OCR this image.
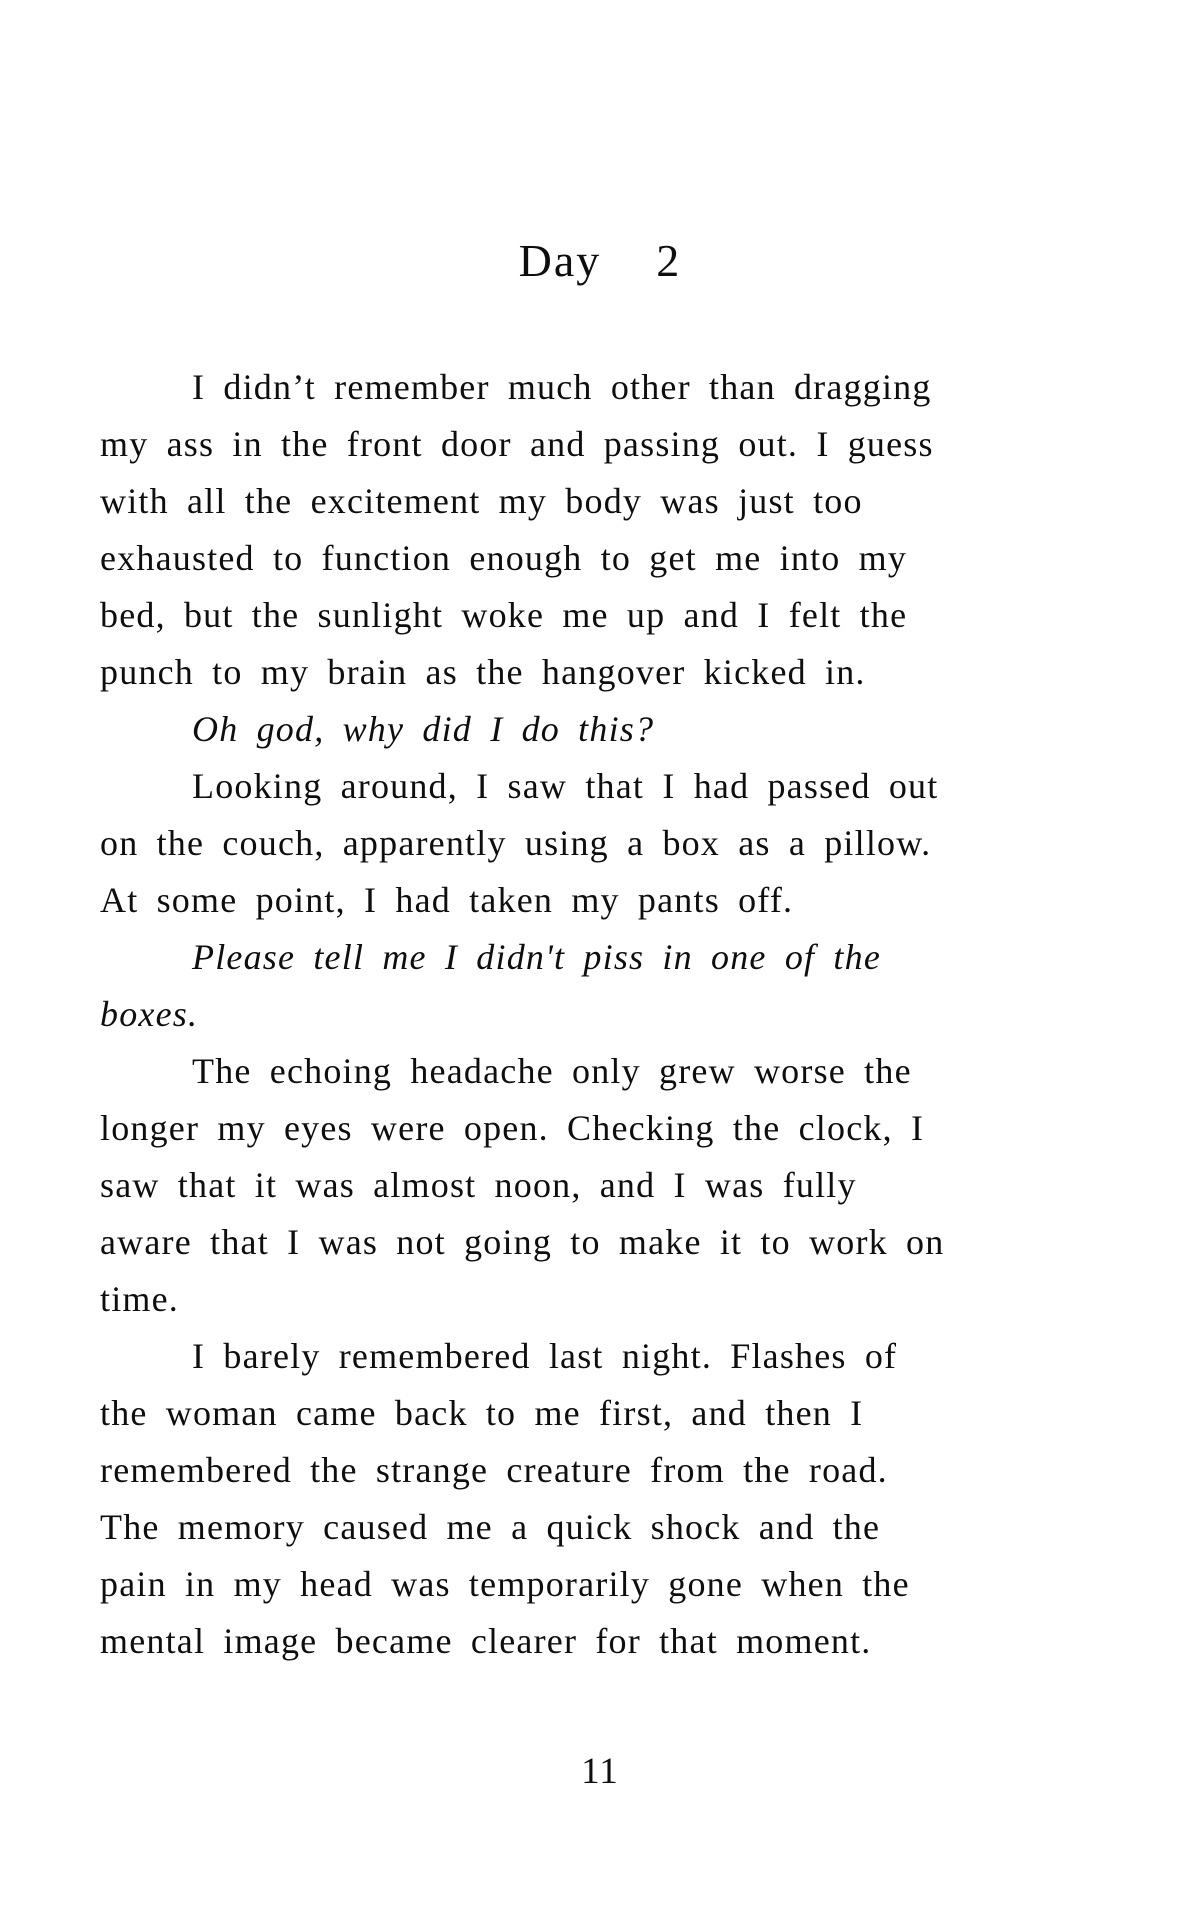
Day  2
I didn’t remember much other than dragging
my ass in the front door and passing out. I guess
with all the excitement my body was just too
exhausted to function enough to get me into my
bed, but the sunlight woke me up and I felt the
punch to my brain as the hangover kicked in.
Oh god, why did I do this?
Looking around, I saw that I had passed out
on the couch, apparently using a box as a pillow.
At some point, I had taken my pants off.
Please tell me I didn't piss in one of the
boxes.
The echoing headache only grew worse the
longer my eyes were open. Checking the clock, I
saw that it was almost noon, and I was fully
aware that I was not going to make it to work on
time.
I barely remembered last night. Flashes of
the woman came back to me first, and then I
remembered the strange creature from the road.
The memory caused me a quick shock and the
pain in my head was temporarily gone when the
mental image became clearer for that moment.
11
